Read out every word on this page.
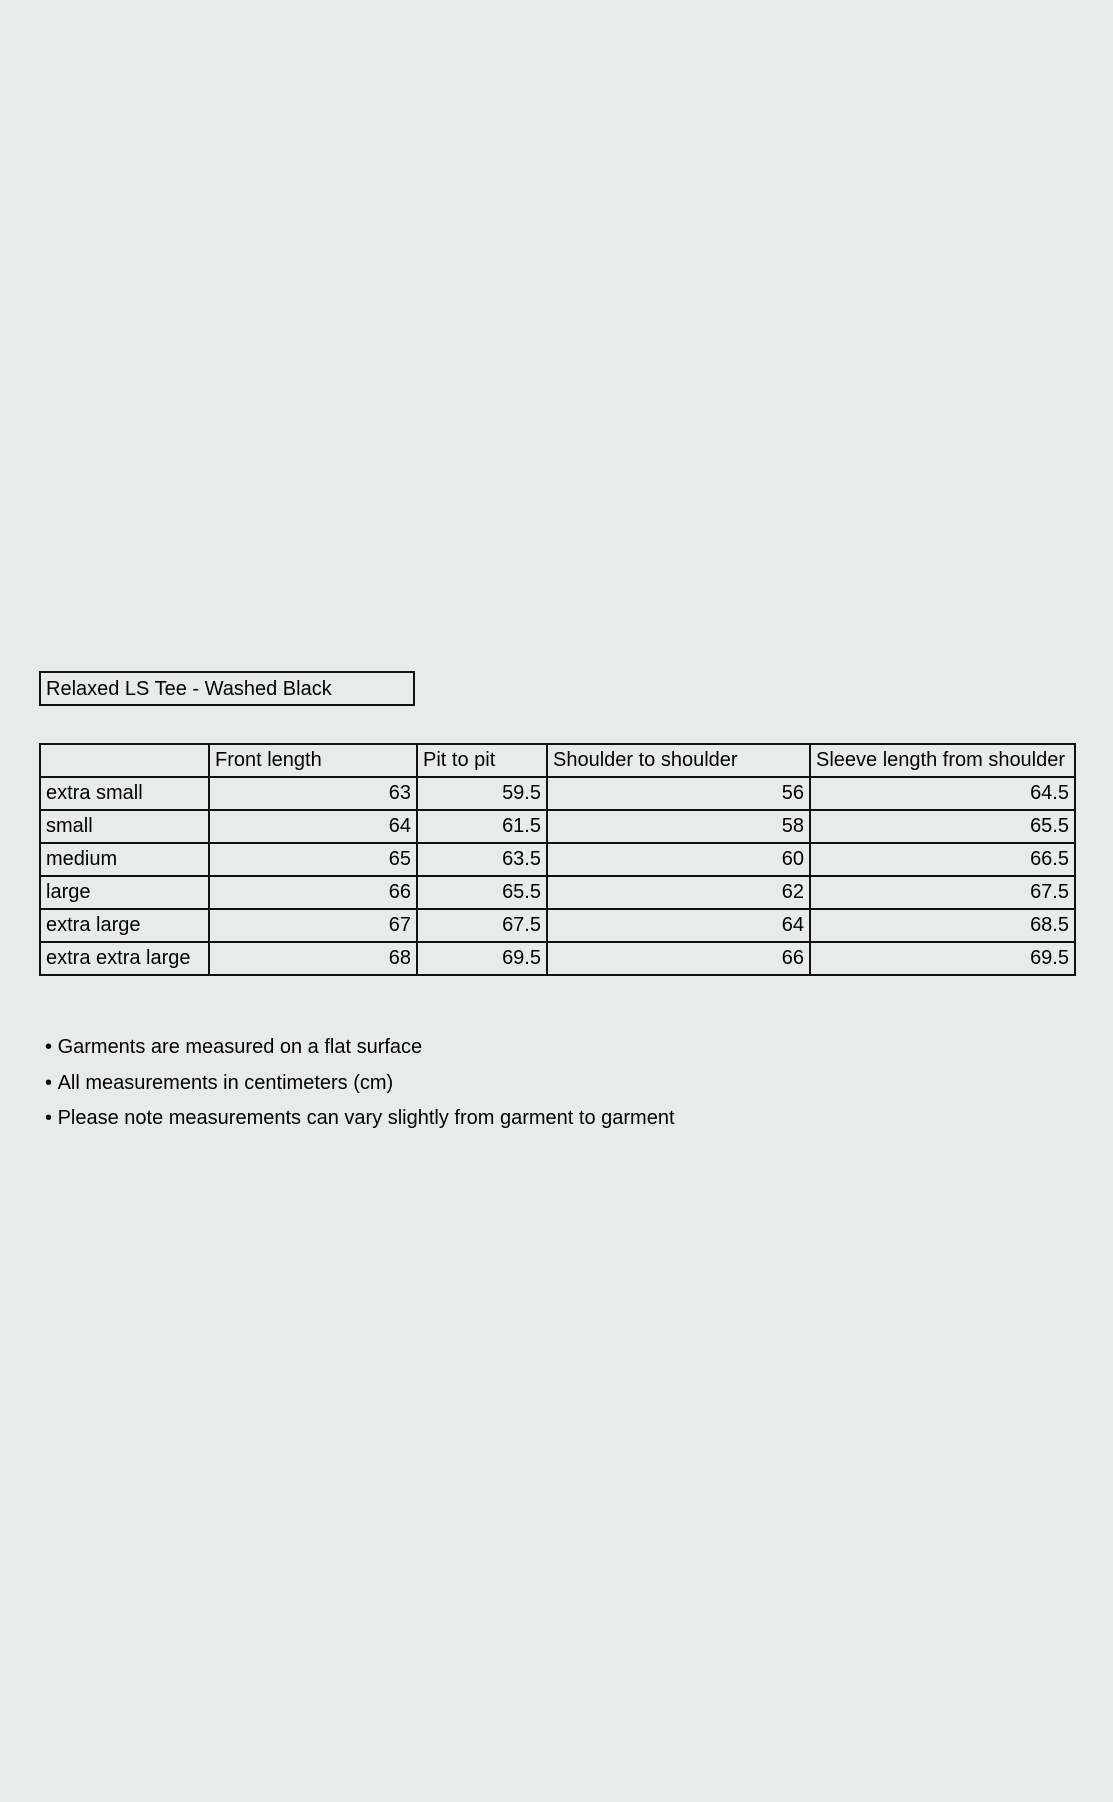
Relaxed LS Tee - Washed Black
	Front length	Pit to pit	Shoulder to shoulder	Sleeve length from shoulder
extra small	63	59.5	56	64.5
small	64	61.5	58	65.5
medium	65	63.5	60	66.5
large	66	65.5	62	67.5
extra large	67	67.5	64	68.5
extra extra large	68	69.5	66	69.5
• Garments are measured on a flat surface
• All measurements in centimeters (cm)
• Please note measurements can vary slightly from garment to garment
